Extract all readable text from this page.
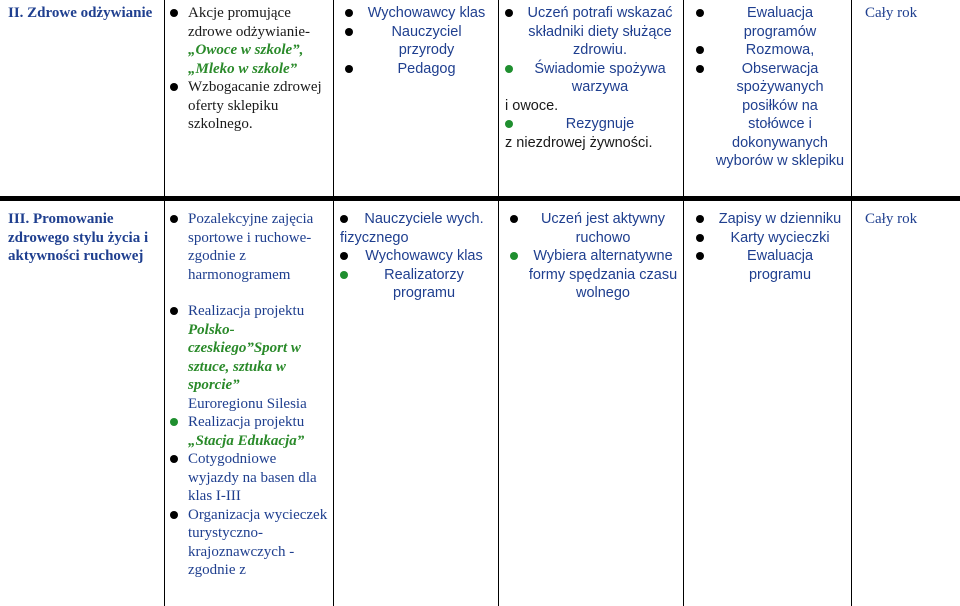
II. Zdrowe odżywianie	Akcje promujące
zdrowe odżywianie-
„Owoce w szkole”, „Mleko w szkole”
Wzbogacanie zdrowej oferty sklepiku szkolnego.
Wychowawcy klas
Nauczyciel przyrody
Pedagog
Uczeń potrafi wskazać składniki diety służące zdrowiu.
Świadomie spożywa warzywa
i owoce.
Rezygnuje
z niezdrowej żywności.
Ewaluacja programów
Rozmowa,
Obserwacja spożywanych posiłków na stołówce i dokonywanych wyborów w sklepiku
Cały rok
III. Promowanie zdrowego stylu życia i aktywności ruchowej
Pozalekcyjne zajęcia sportowe i ruchowe-zgodnie z harmonogramem
Realizacja projektu
Polsko-czeskiego”Sport w sztuce, sztuka w sporcie”
Euroregionu Silesia
Realizacja projektu
„Stacja Edukacja”
Cotygodniowe wyjazdy na basen dla klas I-III
Organizacja wycieczek turystyczno-krajoznawczych - zgodnie z
Nauczyciele wych.
fizycznego
Wychowawcy klas
Realizatorzy programu
Uczeń jest aktywny ruchowo
Wybiera alternatywne formy spędzania czasu wolnego
Zapisy w dzienniku
Karty wycieczki
Ewaluacja programu
Cały rok
